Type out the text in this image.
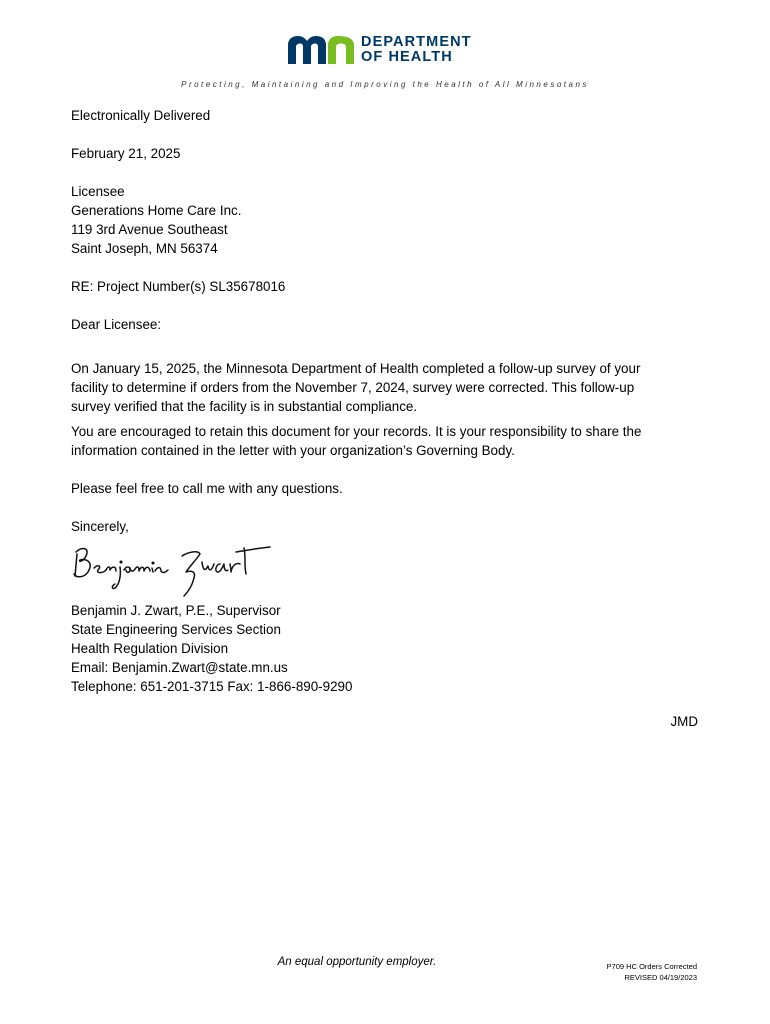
DEPARTMENT
OF HEALTH
Protecting, Maintaining and Improving the Health of All Minnesotans
Electronically Delivered
February 21, 2025
Licensee
Generations Home Care Inc.
119 3rd Avenue Southeast
Saint Joseph, MN 56374
RE: Project Number(s) SL35678016
Dear Licensee:
On January 15, 2025, the Minnesota Department of Health completed a follow-up survey of your
facility to determine if orders from the November 7, 2024, survey were corrected. This follow-up
survey verified that the facility is in substantial compliance.
You are encouraged to retain this document for your records. It is your responsibility to share the
information contained in the letter with your organization’s Governing Body.
Please feel free to call me with any questions.
Sincerely,
Benjamin J. Zwart, P.E., Supervisor
State Engineering Services Section
Health Regulation Division
Email: Benjamin.Zwart@state.mn.us
Telephone: 651-201-3715 Fax: 1-866-890-9290
JMD
An equal opportunity employer.	P709 HC Orders Corrected
REVISED 04/19/2023
